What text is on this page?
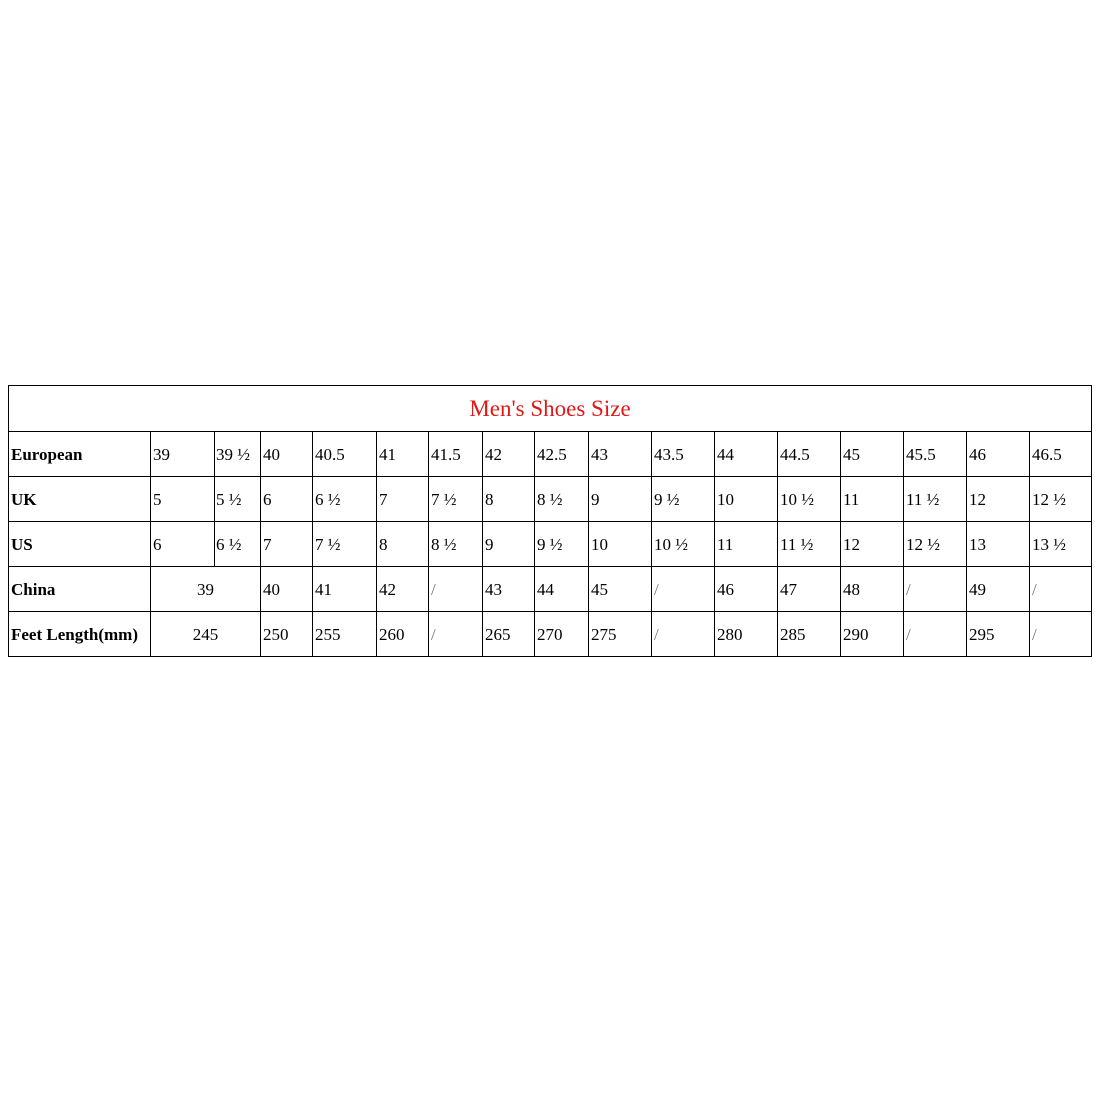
Men's Shoes Size																
European	39	39 ½	40	40.5	41	41.5	42	42.5	43	43.5	44	44.5	45	45.5	46	46.5
UK	5	5 ½	6	6 ½	7	7 ½	8	8 ½	9	9 ½	10	10 ½	11	11 ½	12	12 ½
US	6	6 ½	7	7 ½	8	8 ½	9	9 ½	10	10 ½	11	11 ½	12	12 ½	13	13 ½
China	39		40	41	42	/	43	44	45	/	46	47	48	/	49	/
Feet Length(mm)	245		250	255	260	/	265	270	275	/	280	285	290	/	295	/
